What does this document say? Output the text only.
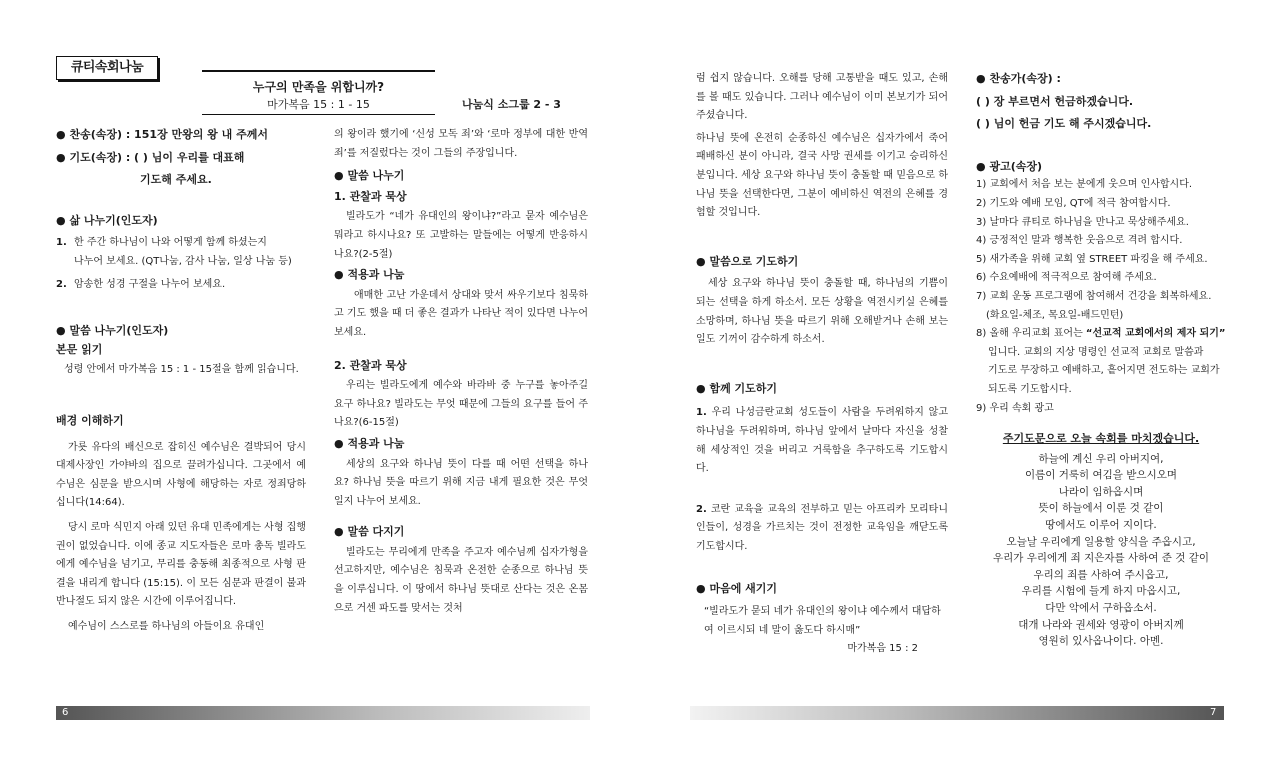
큐티속회나눔
누구의 만족을 위합니까?
마가복음 15 : 1 - 15	나눔식 소그룹 2 - 3

● 찬송(속장) : 151장 만왕의 왕 내 주께서

● 기도(속장) : ( ) 님이 우리를 대표해

기도해 주세요.

● 삶 나누기(인도자)

1. 한 주간 하나님이 나와 어떻게 함께 하셨는지

나누어 보세요. (QT나눔, 감사 나눔, 일상 나눔 등)

2. 암송한 성경 구절을 나누어 보세요.

● 말씀 나누기(인도자)

본문 읽기

성령 안에서 마가복음 15 : 1 - 15절을 함께 읽습니다.

배경 이해하기

가룟 유다의 배신으로 잡히신 예수님은 결박되어 당시 대제사장인 가야바의 집으로 끌려가십니다. 그곳에서 예수님은 심문을 받으시며 사형에 해당하는 자로 정죄당하십니다(14:64).

당시 로마 식민지 아래 있던 유대 민족에게는 사형 집행권이 없었습니다. 이에 종교 지도자들은 로마 총독 빌라도에게 예수님을 넘기고, 무리를 충동해 최종적으로 사형 판결을 내리게 합니다 (15:15). 이 모든 심문과 판결이 불과 반나절도 되지 않은 시간에 이루어집니다.

예수님이 스스로를 하나님의 아들이요 유대인

의 왕이라 했기에 ‘신성 모독 죄’와 ‘로마 정부에 대한 반역 죄’를 저질렀다는 것이 그들의 주장입니다.

● 말씀 나누기

1. 관찰과 묵상

빌라도가 “네가 유대인의 왕이냐?”라고 묻자 예수님은 뭐라고 하시나요? 또 고발하는 말들에는 어떻게 반응하시나요?(2-5절)

● 적용과 나눔

애매한 고난 가운데서 상대와 맞서 싸우기보다 침묵하고 기도 했을 때 더 좋은 결과가 나타난 적이 있다면 나누어 보세요.

2. 관찰과 묵상

우리는 빌라도에게 예수와 바라바 중 누구를 놓아주길 요구 하나요? 빌라도는 무엇 때문에 그들의 요구를 들어 주나요?(6-15절)

● 적용과 나눔

세상의 요구와 하나님 뜻이 다를 때 어떤 선택을 하나요? 하나님 뜻을 따르기 위해 지금 내게 필요한 것은 무엇일지 나누어 보세요.

● 말씀 다지기

빌라도는 무리에게 만족을 주고자 예수님께 십자가형을 선고하지만, 예수님은 침묵과 온전한 순종으로 하나님 뜻을 이루십니다. 이 땅에서 하나님 뜻대로 산다는 것은 온몸으로 거센 파도를 맞서는 것처

럼 쉽지 않습니다. 오해를 당해 고통받을 때도 있고, 손해를 볼 때도 있습니다. 그러나 예수님이 이미 본보기가 되어 주셨습니다.

하나님 뜻에 온전히 순종하신 예수님은 십자가에서 죽어 패배하신 분이 아니라, 결국 사망 권세를 이기고 승리하신 분입니다. 세상 요구와 하나님 뜻이 충돌할 때 믿음으로 하나님 뜻을 선택한다면, 그분이 예비하신 역전의 은혜를 경험할 것입니다.

● 말씀으로 기도하기

세상 요구와 하나님 뜻이 충돌할 때, 하나님의 기쁨이 되는 선택을 하게 하소서. 모든 상황을 역전시키실 은혜를 소망하며, 하나님 뜻을 따르기 위해 오해받거나 손해 보는 일도 기꺼이 감수하게 하소서.

● 함께 기도하기

1. 우리 나성금란교회 성도들이 사람을 두려워하지 않고 하나님을 두려워하며, 하나님 앞에서 날마다 자신을 성찰해 세상적인 것을 버리고 거룩함을 추구하도록 기도합시다.

2. 코란 교육을 교육의 전부하고 믿는 아프리카 모리타니인들이, 성경을 가르치는 것이 전정한 교육임을 깨닫도록 기도합시다.

● 마음에 새기기

“빌라도가 묻되 네가 유대인의 왕이냐 예수께서 대답하여 이르시되 네 말이 옳도다 하시매”

마가복음 15 : 2

● 찬송가(속장) :

( ) 장 부르면서 헌금하겠습니다.

( ) 님이 헌금 기도 해 주시겠습니다.

● 광고(속장)

1) 교회에서 처음 보는 분에게 웃으며 인사합시다.

2) 기도와 예배 모임, QT에 적극 참여합시다.

3) 날마다 큐티로 하나님을 만나고 묵상해주세요.

4) 긍정적인 말과 행복한 웃음으로 격려 합시다.

5) 새가족을 위해 교회 옆 STREET 파킹을 해 주세요.

6) 수요예배에 적극적으로 참여해 주세요.

7) 교회 운동 프로그램에 참여해서 건강을 회복하세요.

(화요일-체조, 목요일-배드민턴)

8) 올해 우리교회 표어는 “선교적 교회에서의 제자 되기”

입니다. 교회의 지상 명령인 선교적 교회로 말씀과

기도로 무장하고 예배하고, 흩어지면 전도하는 교회가

되도록 기도합시다.

9) 우리 속회 광고

주기도문으로 오늘 속회를 마치겠습니다.

하늘에 계신 우리 아버지여,

이름이 거룩히 여김을 받으시오며

나라이 임하옵시며

뜻이 하늘에서 이룬 것 같이

땅에서도 이루어 지이다.

오늘날 우리에게 일용할 양식을 주옵시고,

우리가 우리에게 죄 지은자를 사하여 준 것 같이

우리의 죄를 사하여 주시옵고,

우리를 시험에 들게 하지 마옵시고,

다만 악에서 구하옵소서.

대개 나라와 권세와 영광이 아버지께

영원히 있사옵나이다. 아멘.

6	7
